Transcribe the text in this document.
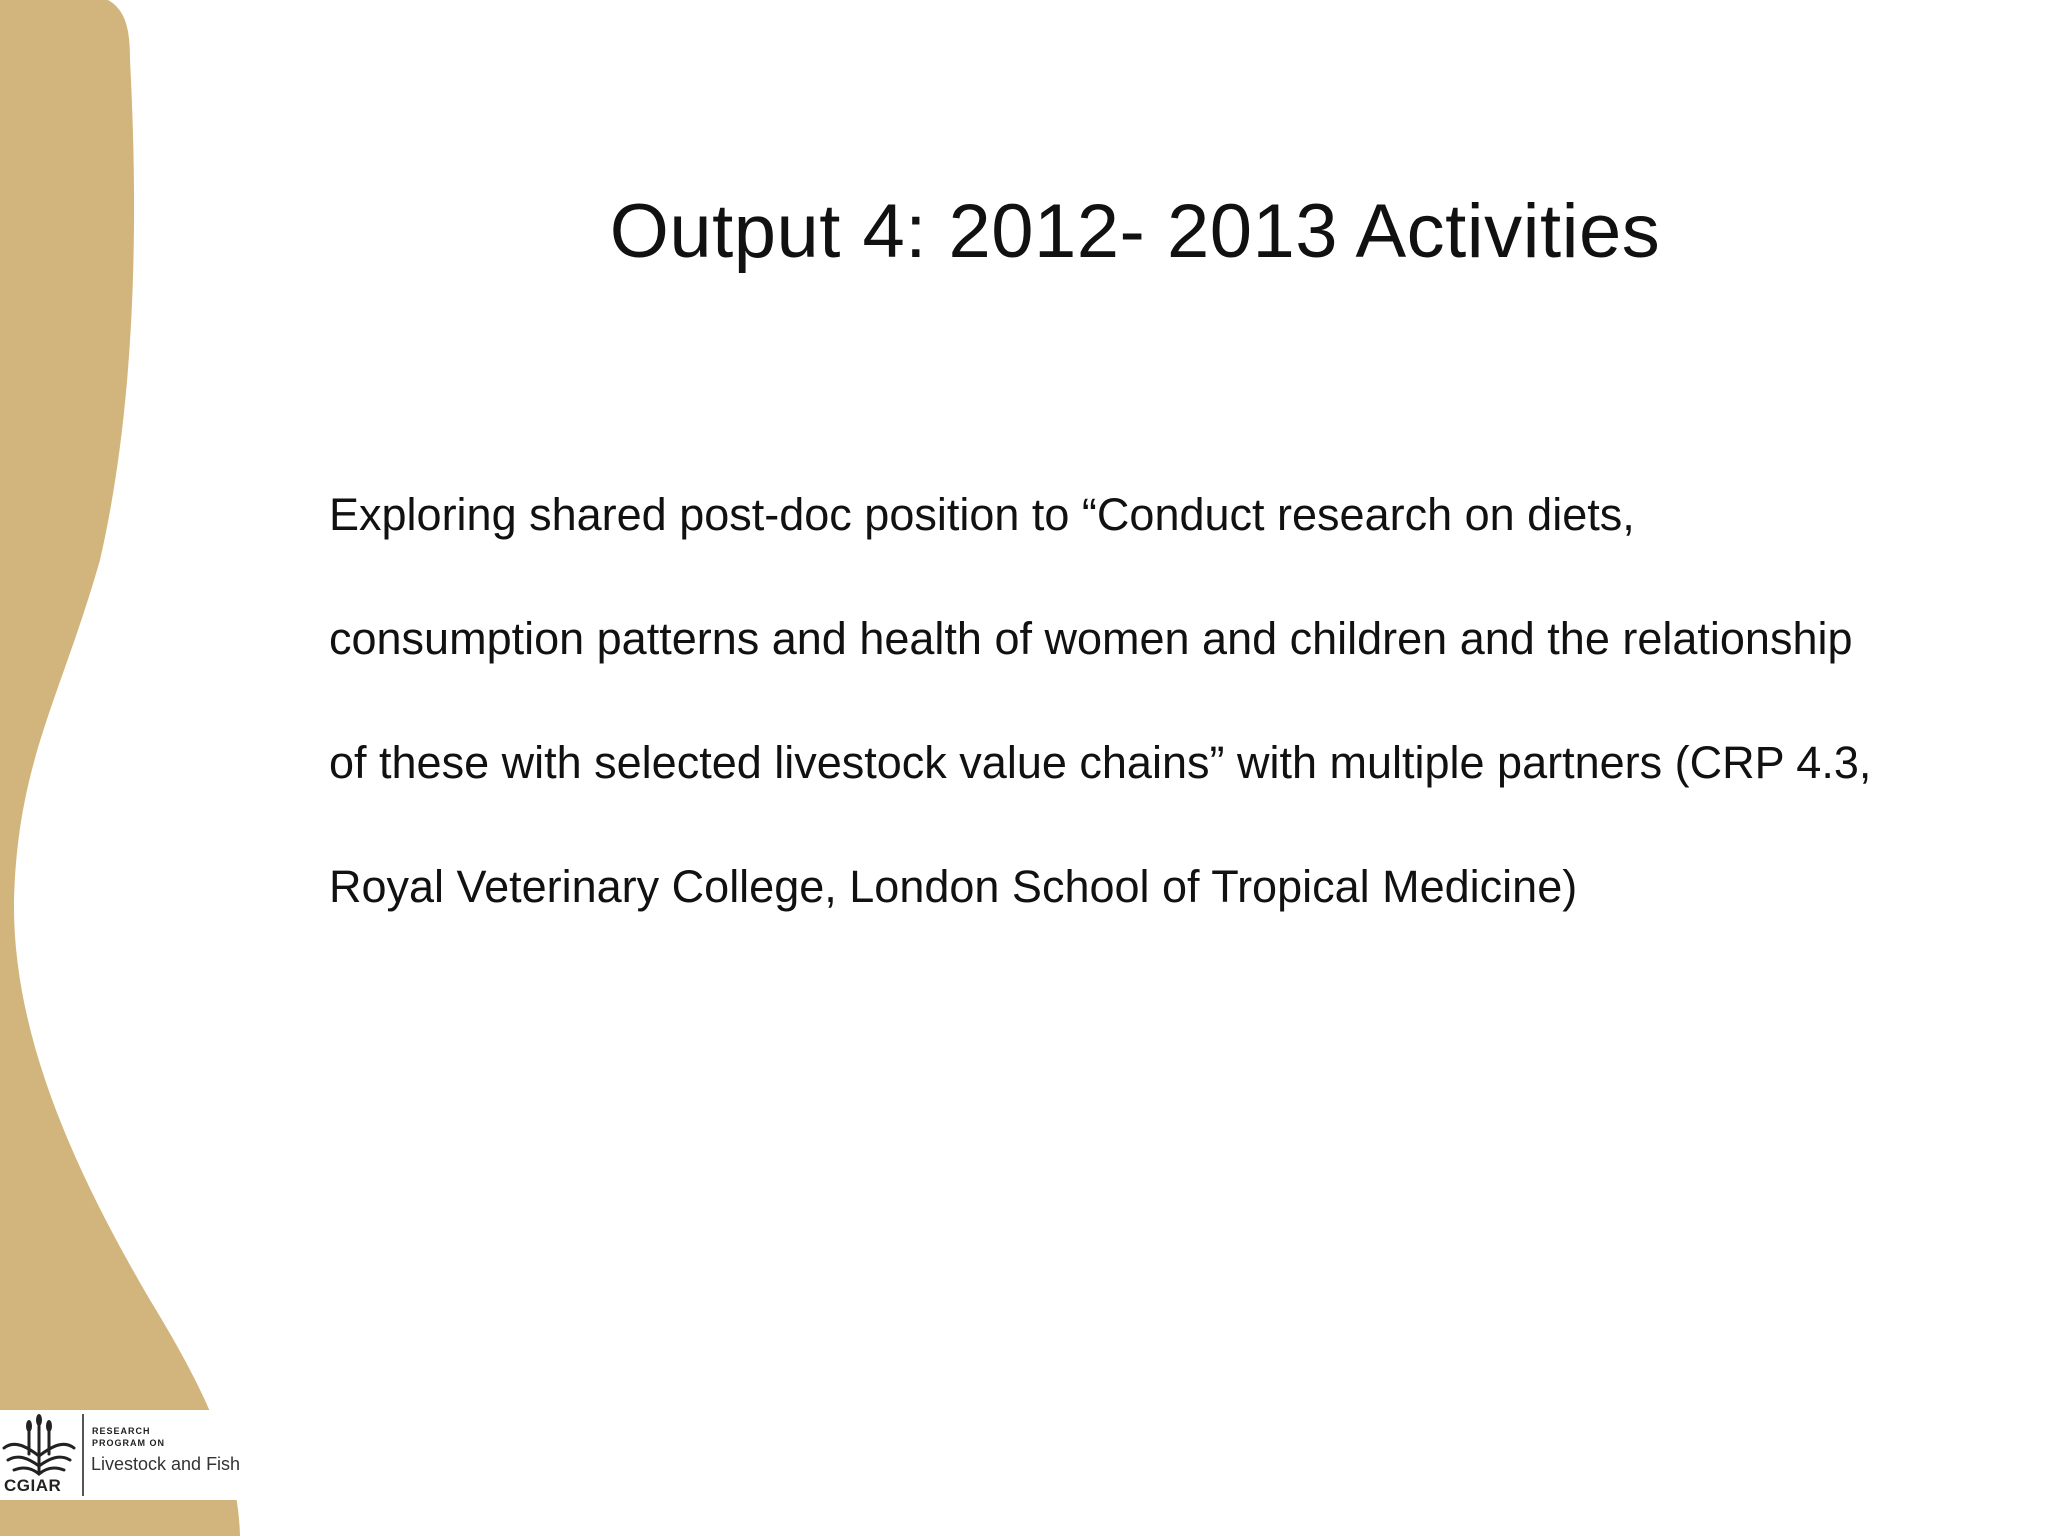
Output 4: 2012- 2013 Activities
Exploring shared post-doc position to “Conduct research on diets,
consumption patterns and health of women and children and the relationship
of these with selected livestock value chains” with multiple partners (CRP 4.3,
Royal Veterinary College, London School of Tropical Medicine)
CGIAR
RESEARCH
PROGRAM ON
Livestock and Fish
